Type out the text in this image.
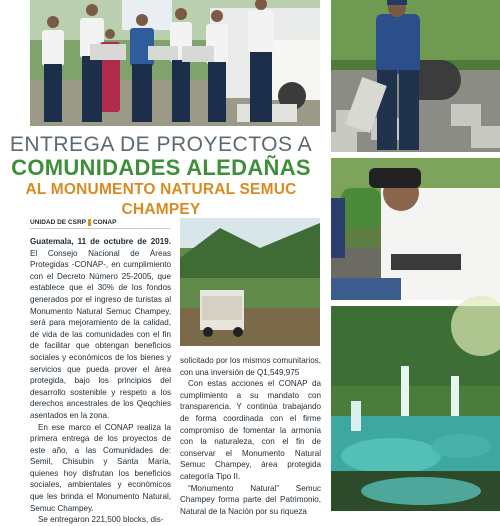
ENTREGA DE PROYECTOS A
COMUNIDADES ALEDAÑAS
AL MONUMENTO NATURAL SEMUC CHAMPEY
UNIDAD DE CSRP CONAP

Guatemala, 11 de octubre de 2019. El Consejo Nacional de Áreas Protegidas -CONAP-, en cumplimiento con el Decreto Número 25-2005, que establece que el 30% de los fondos generados por el ingreso de turistas al Monumento Natural Semuc Champey, será para mejoramiento de la calidad, de vida de las comunidades con el fin de facilitar que obtengan beneficios sociales y económicos de los bienes y servicios que pueda prover el área protegida, bajo los principios del desarrollo sostenible y respeto a los derechos ancestrales de los Qeqchies asentados en la zona.

En ese marco el CONAP realiza la primera entrega de los proyectos de este año, a las Comunidades de: Semil, Chisubin y Santa María, quienes hoy disfrutan los beneficios sociales, ambientales y económicos que les brinda el Monumento Natural, Semuc Champey.

Se entregaron 221,500 blocks, dis-

solicitado por los mismos comunitarios, con una inversión de Q1,549,975

Con estas acciones el CONAP da cumplimiento a su mandato con transparencia. Y continúa trabajando de forma coordinada con el firme compromiso de fomentar la armonía con la naturaleza, con el fin de conservar el Monumento Natural Semuc Champey, área protegida categoría Tipo II.

“Monumento Natural” Semuc Champey forma parte del Patrimonio, Natural de la Nación por su riqueza
